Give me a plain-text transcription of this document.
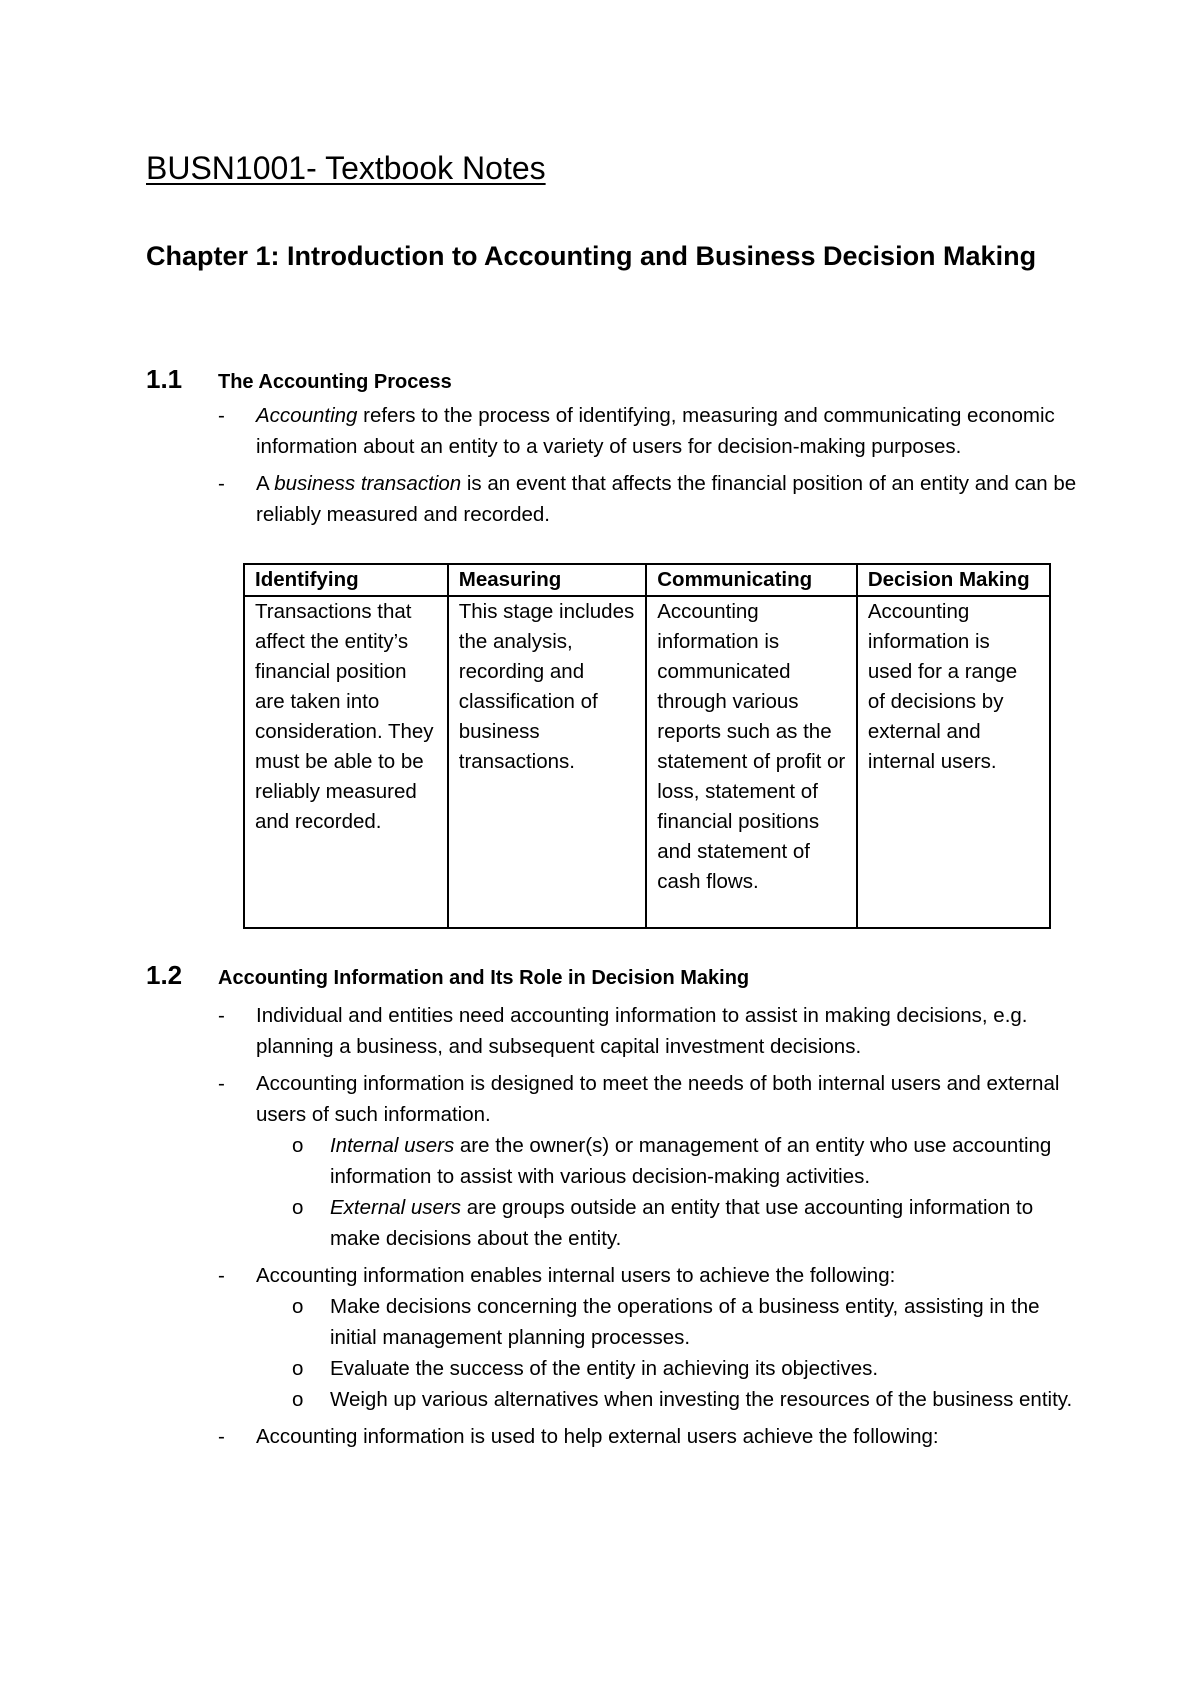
BUSN1001- Textbook Notes
Chapter 1: Introduction to Accounting and Business Decision Making
1.1 The Accounting Process
- Accounting refers to the process of identifying, measuring and communicating economic information about an entity to a variety of users for decision-making purposes.
- A business transaction is an event that affects the financial position of an entity and can be reliably measured and recorded.
Identifying	Measuring	Communicating	Decision Making
Transactions that affect the entity’s financial position are taken into consideration. They must be able to be reliably measured and recorded.	This stage includes the analysis, recording and classification of business transactions.	Accounting information is communicated through various reports such as the statement of profit or loss, statement of financial positions and statement of cash flows.	Accounting information is used for a range of decisions by external and internal users.
1.2 Accounting Information and Its Role in Decision Making
- Individual and entities need accounting information to assist in making decisions, e.g. planning a business, and subsequent capital investment decisions.
- Accounting information is designed to meet the needs of both internal users and external users of such information.
o Internal users are the owner(s) or management of an entity who use accounting information to assist with various decision-making activities.
o External users are groups outside an entity that use accounting information to make decisions about the entity.
- Accounting information enables internal users to achieve the following:
o Make decisions concerning the operations of a business entity, assisting in the initial management planning processes.
o Evaluate the success of the entity in achieving its objectives.
o Weigh up various alternatives when investing the resources of the business entity.
- Accounting information is used to help external users achieve the following:
